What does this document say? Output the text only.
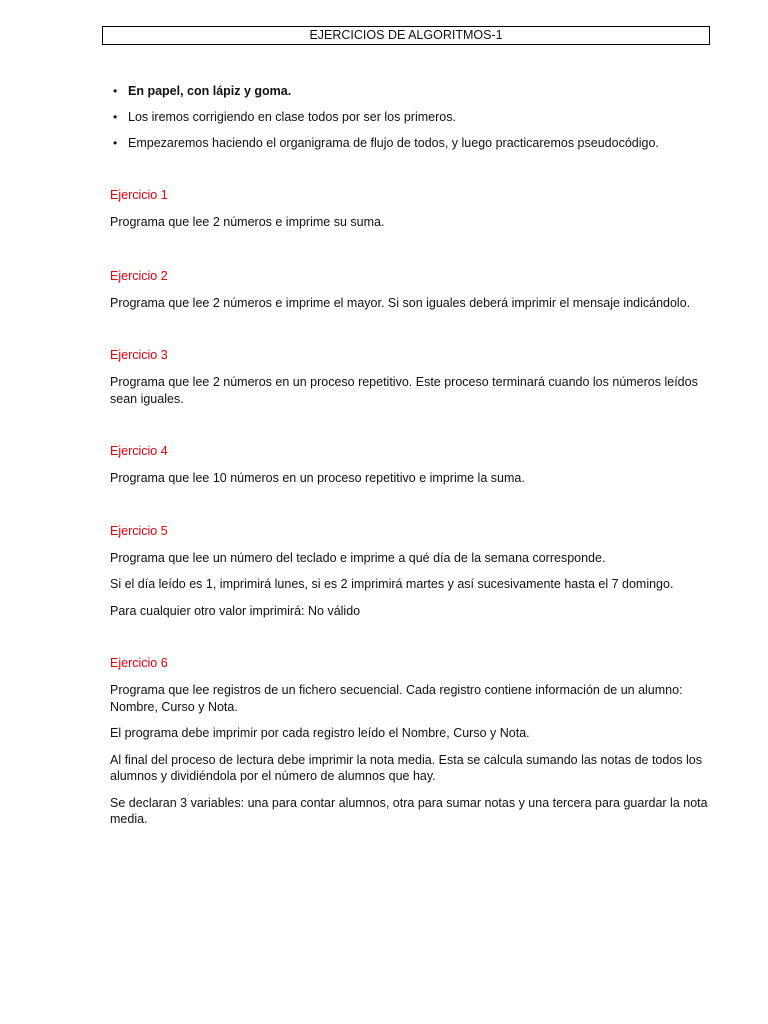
EJERCICIOS DE ALGORITMOS-1
• En papel, con lápiz y goma.
• Los iremos corrigiendo en clase todos por ser los primeros.
• Empezaremos haciendo el organigrama de flujo de todos, y luego practicaremos pseudocódigo.
Ejercicio 1
Programa que lee 2 números e imprime su suma.
Ejercicio 2
Programa que lee 2 números e imprime el mayor. Si son iguales deberá imprimir el mensaje indicándolo.
Ejercicio 3
Programa que lee 2 números en un proceso repetitivo. Este proceso terminará cuando los números leídos sean iguales.
Ejercicio 4
Programa que lee 10 números en un proceso repetitivo e imprime la suma.
Ejercicio 5
Programa que lee un número del teclado e imprime a qué día de la semana corresponde.
Si el día leído es 1, imprimirá lunes, si es 2 imprimirá martes y así sucesivamente hasta el 7 domingo.
Para cualquier otro valor imprimirá: No válido
Ejercicio 6
Programa que lee registros de un fichero secuencial. Cada registro contiene información de un alumno: Nombre, Curso y Nota.
El programa debe imprimir por cada registro leído el Nombre, Curso y Nota.
Al final del proceso de lectura debe imprimir la nota media. Esta se calcula sumando las notas de todos los alumnos y dividiéndola por el número de alumnos que hay.
Se declaran 3 variables: una para contar alumnos, otra para sumar notas y una tercera para guardar la nota media.
